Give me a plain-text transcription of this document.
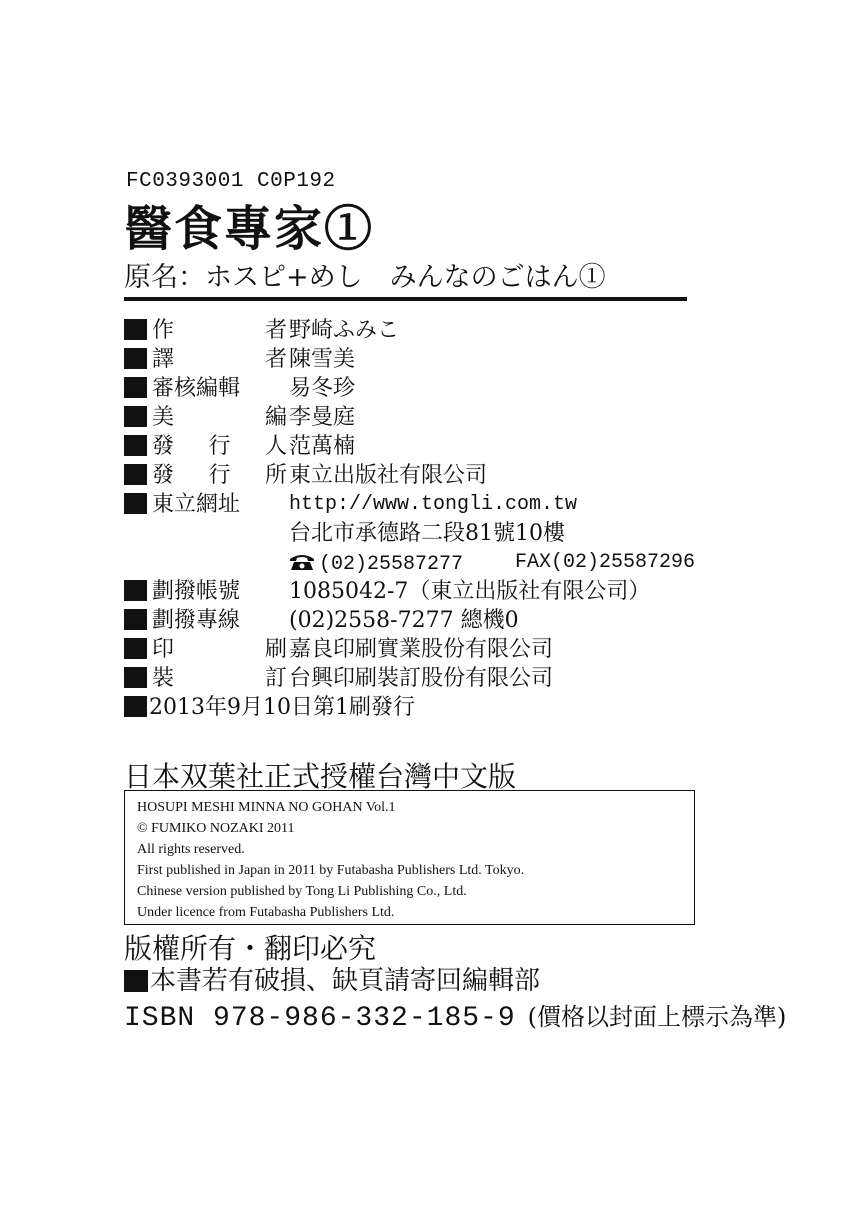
FC0393001 C0P192
醫食專家①
原名：ホスピ+めし　みんなのごはん①
作	者 野崎ふみこ
譯	者 陳雪美
審核編輯 易冬珍
美	編 李曼庭
發 行 人 范萬楠
發 行 所 東立出版社有限公司
東立網址 http://www.tongli.com.tw
台北市承德路二段81號10樓
(02)25587277	FAX(02)25587296
劃撥帳號 1085042-7（東立出版社有限公司）
劃撥專線 (02)2558-7277 總機0
印	刷 嘉良印刷實業股份有限公司
裝	訂 台興印刷裝訂股份有限公司
2013年9月10日第1刷發行
日本双葉社正式授權台灣中文版
HOSUPI MESHI MINNA NO GOHAN Vol.1
© FUMIKO NOZAKI 2011
All rights reserved.
First published in Japan in 2011 by Futabasha Publishers Ltd. Tokyo.
Chinese version published by Tong Li Publishing Co., Ltd.
Under licence from Futabasha Publishers Ltd.
版權所有・翻印必究
本書若有破損、缺頁請寄回編輯部
ISBN 978-986-332-185-9 (價格以封面上標示為準)
